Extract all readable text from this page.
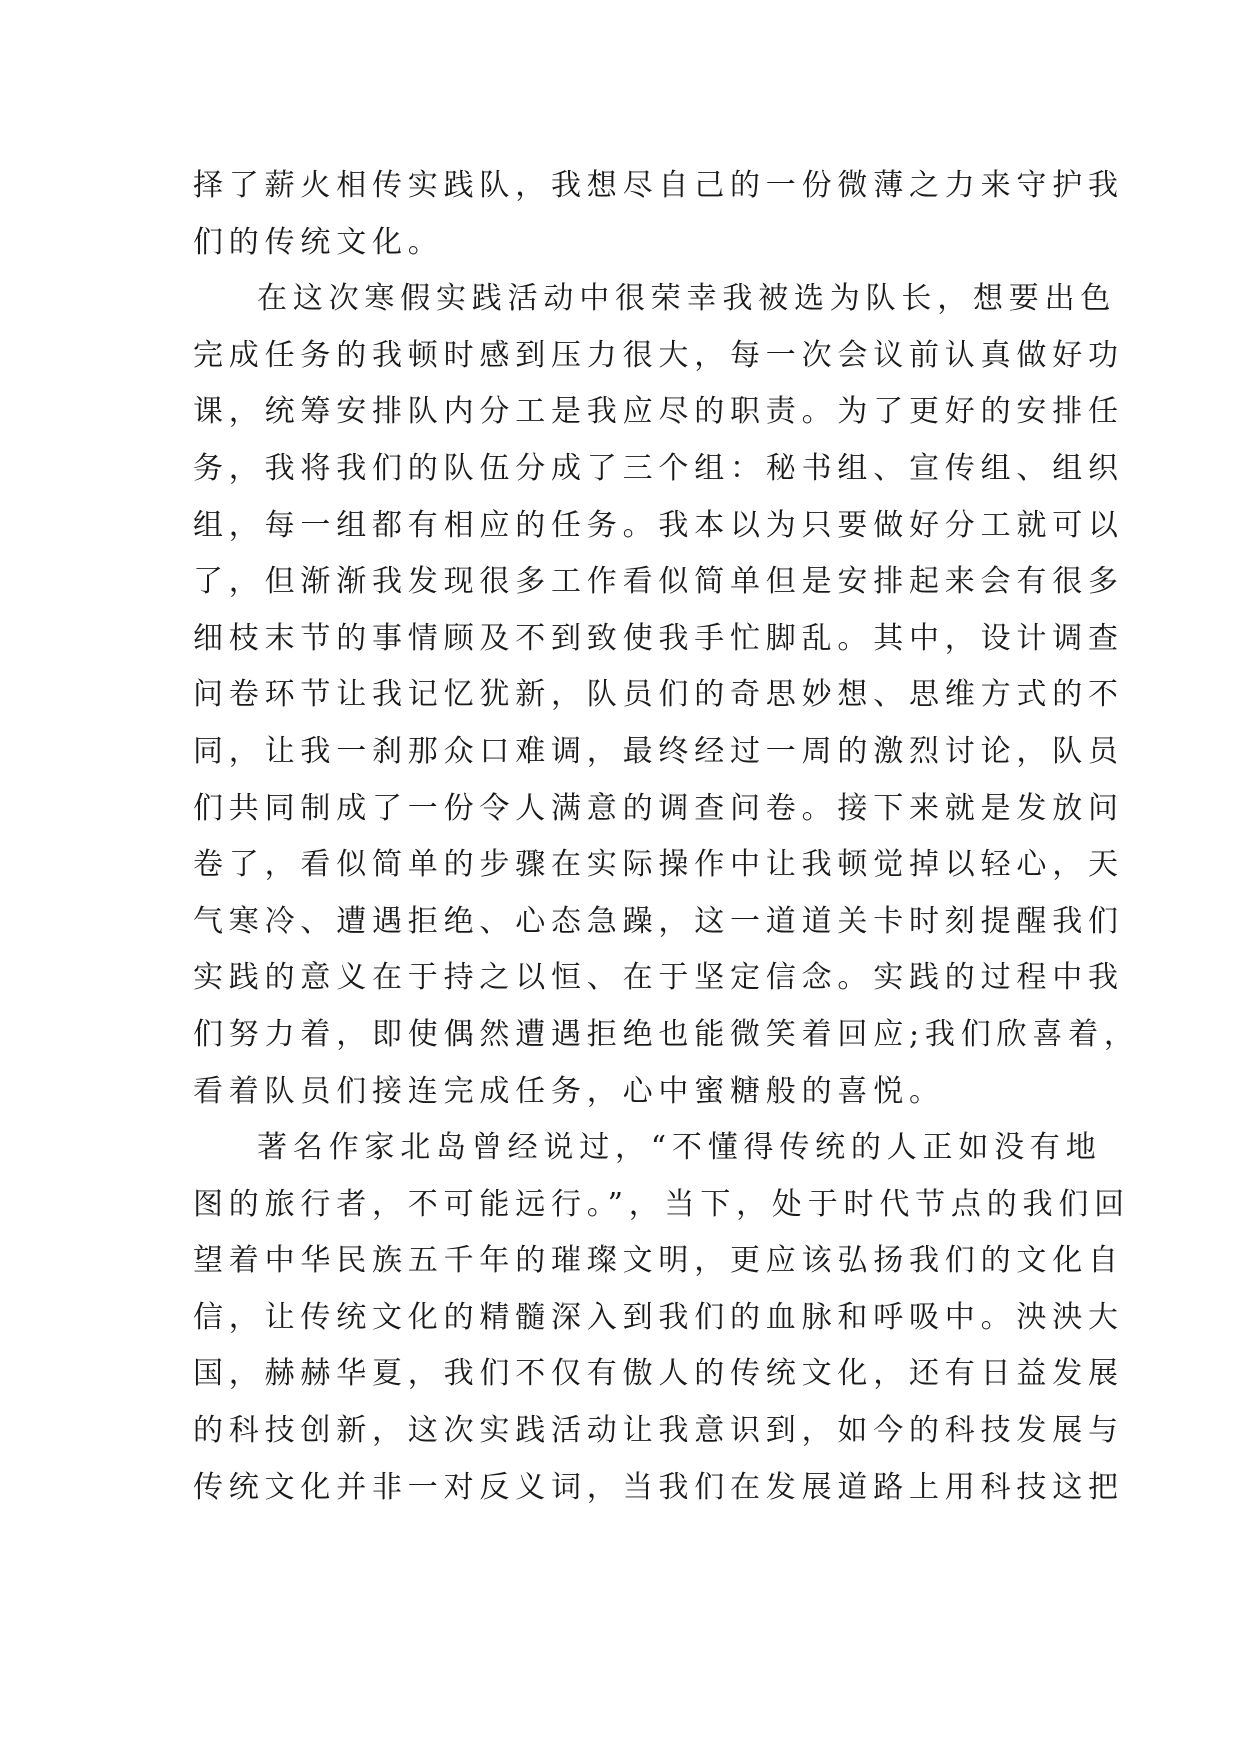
择了薪火相传实践队，我想尽自己的一份微薄之力来守护我
们的传统文化。
在这次寒假实践活动中很荣幸我被选为队长，想要出色
完成任务的我顿时感到压力很大，每一次会议前认真做好功
课，统筹安排队内分工是我应尽的职责。为了更好的安排任
务，我将我们的队伍分成了三个组：秘书组、宣传组、组织
组，每一组都有相应的任务。我本以为只要做好分工就可以
了，但渐渐我发现很多工作看似简单但是安排起来会有很多
细枝末节的事情顾及不到致使我手忙脚乱。其中，设计调查
问卷环节让我记忆犹新，队员们的奇思妙想、思维方式的不
同，让我一刹那众口难调，最终经过一周的激烈讨论，队员
们共同制成了一份令人满意的调查问卷。接下来就是发放问
卷了，看似简单的步骤在实际操作中让我顿觉掉以轻心，天
气寒冷、遭遇拒绝、心态急躁，这一道道关卡时刻提醒我们
实践的意义在于持之以恒、在于坚定信念。实践的过程中我
们努力着，即使偶然遭遇拒绝也能微笑着回应;我们欣喜着，
看着队员们接连完成任务，心中蜜糖般的喜悦。
著名作家北岛曾经说过，“不懂得传统的人正如没有地
图的旅行者，不可能远行。”，当下，处于时代节点的我们回
望着中华民族五千年的璀璨文明，更应该弘扬我们的文化自
信，让传统文化的精髓深入到我们的血脉和呼吸中。泱泱大
国，赫赫华夏，我们不仅有傲人的传统文化，还有日益发展
的科技创新，这次实践活动让我意识到，如今的科技发展与
传统文化并非一对反义词，当我们在发展道路上用科技这把
